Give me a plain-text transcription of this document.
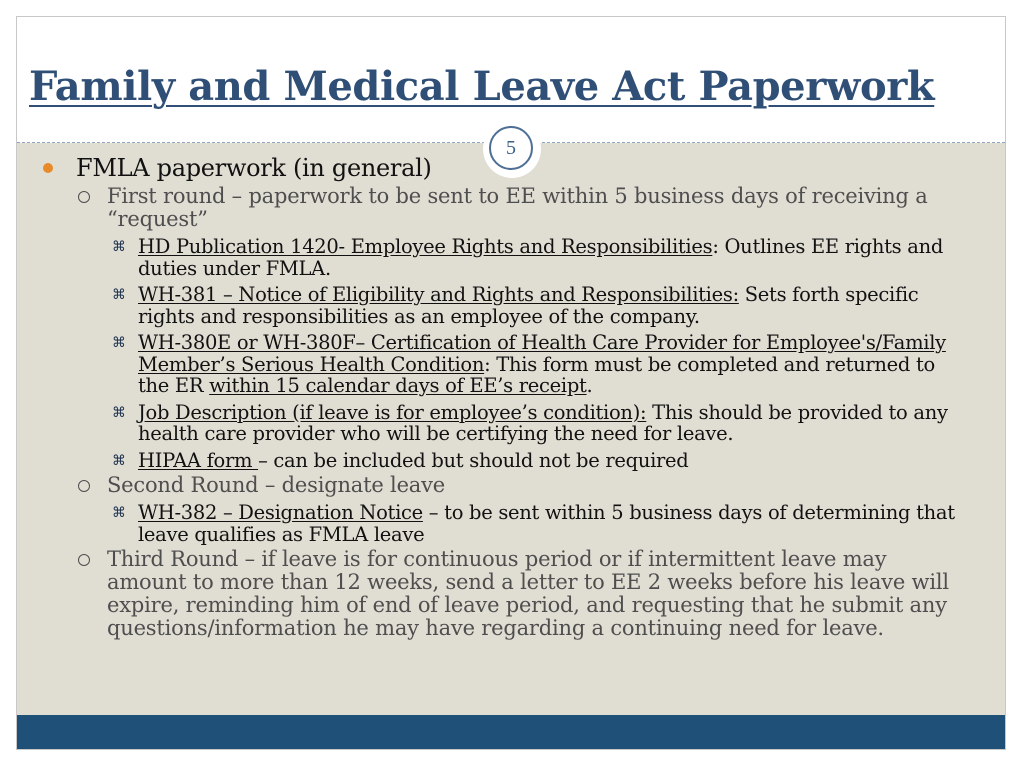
Family and Medical Leave Act Paperwork
5
FMLA paperwork (in general)
First round – paperwork to be sent to EE within 5 business days of receiving a “request”
⌘ HD Publication 1420- Employee Rights and Responsibilities: Outlines EE rights and duties under FMLA.
⌘ WH-381 – Notice of Eligibility and Rights and Responsibilities: Sets forth specific rights and responsibilities as an employee of the company.
⌘ WH-380E or WH-380F– Certification of Health Care Provider for Employee's/Family Member’s Serious Health Condition: This form must be completed and returned to the ER within 15 calendar days of EE’s receipt.
⌘ Job Description (if leave is for employee’s condition): This should be provided to any health care provider who will be certifying the need for leave.
⌘ HIPAA form – can be included but should not be required
Second Round – designate leave
⌘ WH-382 – Designation Notice – to be sent within 5 business days of determining that leave qualifies as FMLA leave
Third Round – if leave is for continuous period or if intermittent leave may amount to more than 12 weeks, send a letter to EE 2 weeks before his leave will expire, reminding him of end of leave period, and requesting that he submit any questions/information he may have regarding a continuing need for leave.
